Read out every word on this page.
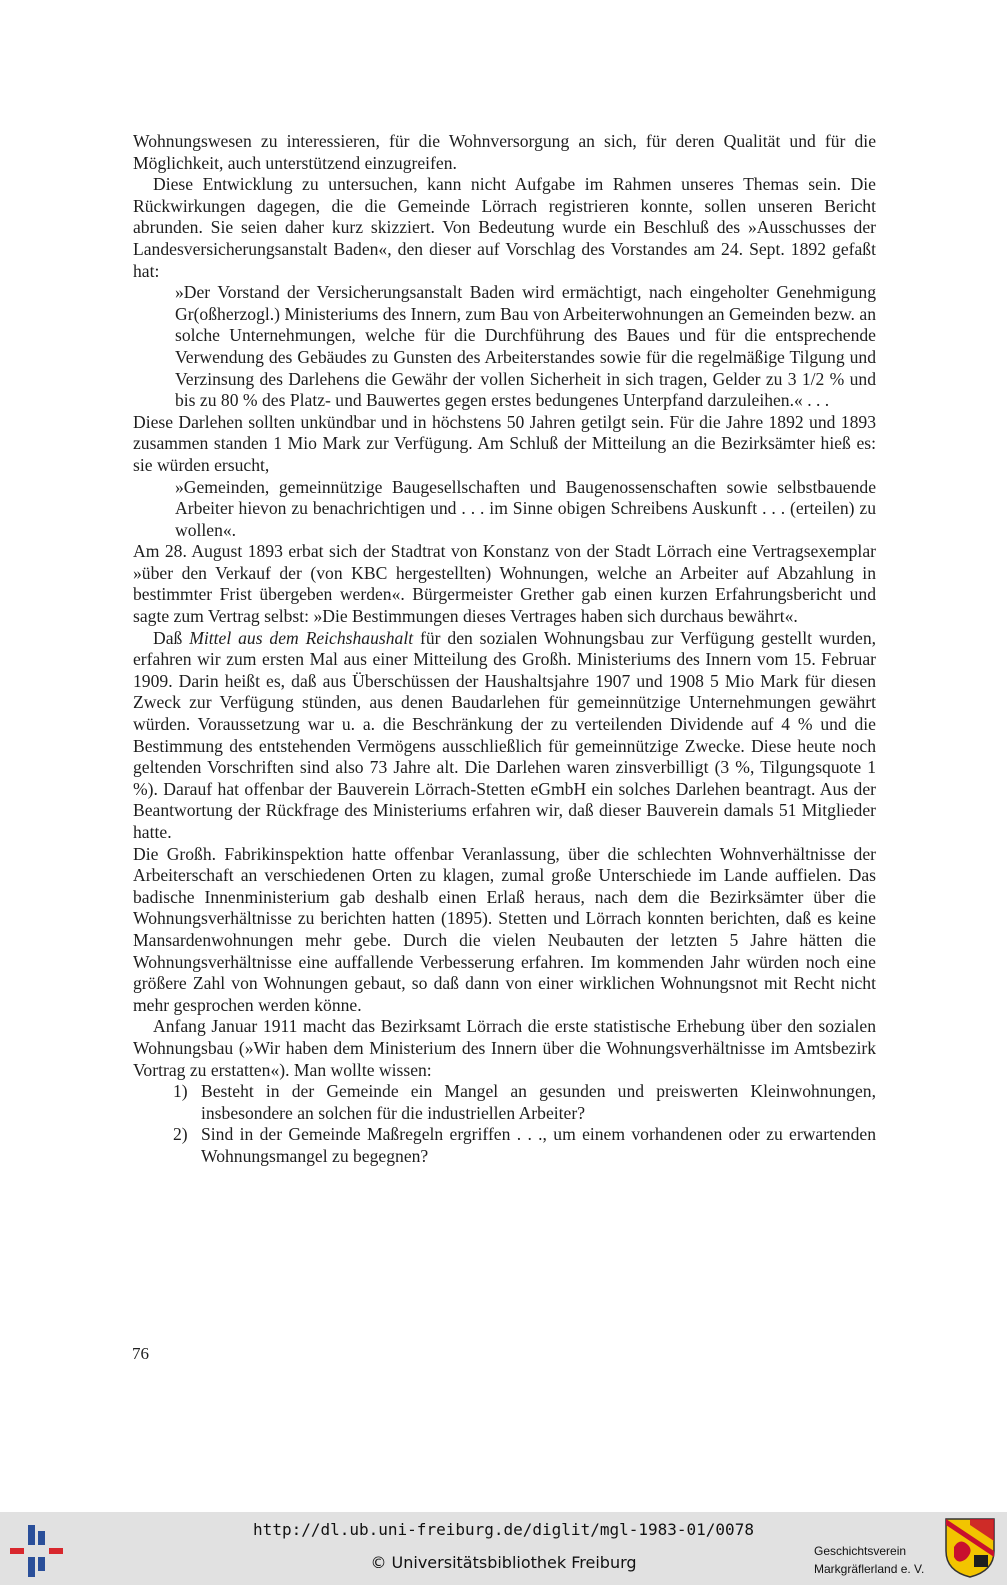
Wohnungswesen zu interessieren, für die Wohnversorgung an sich, für deren Qualität und für die Möglichkeit, auch unterstützend einzugreifen.

Diese Entwicklung zu untersuchen, kann nicht Aufgabe im Rahmen unseres Themas sein. Die Rückwirkungen dagegen, die die Gemeinde Lörrach registrieren konnte, sollen unseren Bericht abrunden. Sie seien daher kurz skizziert. Von Bedeutung wurde ein Beschluß des »Ausschusses der Landesversicherungsanstalt Baden«, den dieser auf Vorschlag des Vorstandes am 24. Sept. 1892 gefaßt hat:

»Der Vorstand der Versicherungsanstalt Baden wird ermächtigt, nach eingeholter Genehmigung Gr(oßherzogl.) Ministeriums des Innern, zum Bau von Arbeiterwohnungen an Gemeinden bezw. an solche Unternehmungen, welche für die Durchführung des Baues und für die entsprechende Verwendung des Gebäudes zu Gunsten des Arbeiterstandes sowie für die regelmäßige Tilgung und Verzinsung des Darlehens die Gewähr der vollen Sicherheit in sich tragen, Gelder zu 3 1/2 % und bis zu 80 % des Platz- und Bauwertes gegen erstes bedungenes Unterpfand darzuleihen.« . . .

Diese Darlehen sollten unkündbar und in höchstens 50 Jahren getilgt sein. Für die Jahre 1892 und 1893 zusammen standen 1 Mio Mark zur Verfügung. Am Schluß der Mitteilung an die Bezirksämter hieß es: sie würden ersucht,

»Gemeinden, gemeinnützige Baugesellschaften und Baugenossenschaften sowie selbstbauende Arbeiter hievon zu benachrichtigen und . . . im Sinne obigen Schreibens Auskunft . . . (erteilen) zu wollen«.

Am 28. August 1893 erbat sich der Stadtrat von Konstanz von der Stadt Lörrach eine Vertragsexemplar »über den Verkauf der (von KBC hergestellten) Wohnungen, welche an Arbeiter auf Abzahlung in bestimmter Frist übergeben werden«. Bürgermeister Grether gab einen kurzen Erfahrungsbericht und sagte zum Vertrag selbst: »Die Bestimmungen dieses Vertrages haben sich durchaus bewährt«.

Daß Mittel aus dem Reichshaushalt für den sozialen Wohnungsbau zur Verfügung gestellt wurden, erfahren wir zum ersten Mal aus einer Mitteilung des Großh. Ministeriums des Innern vom 15. Februar 1909. Darin heißt es, daß aus Überschüssen der Haushaltsjahre 1907 und 1908 5 Mio Mark für diesen Zweck zur Verfügung stünden, aus denen Baudarlehen für gemeinnützige Unternehmungen gewährt würden. Voraussetzung war u. a. die Beschränkung der zu verteilenden Dividende auf 4 % und die Bestimmung des entstehenden Vermögens ausschließlich für gemeinnützige Zwecke. Diese heute noch geltenden Vorschriften sind also 73 Jahre alt. Die Darlehen waren zinsverbilligt (3 %, Tilgungsquote 1 %). Darauf hat offenbar der Bauverein Lörrach-Stetten eGmbH ein solches Darlehen beantragt. Aus der Beantwortung der Rückfrage des Ministeriums erfahren wir, daß dieser Bauverein damals 51 Mitglieder hatte.

Die Großh. Fabrikinspektion hatte offenbar Veranlassung, über die schlechten Wohnverhältnisse der Arbeiterschaft an verschiedenen Orten zu klagen, zumal große Unterschiede im Lande auffielen. Das badische Innenministerium gab deshalb einen Erlaß heraus, nach dem die Bezirksämter über die Wohnungsverhältnisse zu berichten hatten (1895). Stetten und Lörrach konnten berichten, daß es keine Mansardenwohnungen mehr gebe. Durch die vielen Neubauten der letzten 5 Jahre hätten die Wohnungsverhältnisse eine auffallende Verbesserung erfahren. Im kommenden Jahr würden noch eine größere Zahl von Wohnungen gebaut, so daß dann von einer wirklichen Wohnungsnot mit Recht nicht mehr gesprochen werden könne.

Anfang Januar 1911 macht das Bezirksamt Lörrach die erste statistische Erhebung über den sozialen Wohnungsbau (»Wir haben dem Ministerium des Innern über die Wohnungsverhältnisse im Amtsbezirk Vortrag zu erstatten«). Man wollte wissen:

1) Besteht in der Gemeinde ein Mangel an gesunden und preiswerten Kleinwohnungen, insbesondere an solchen für die industriellen Arbeiter?
2) Sind in der Gemeinde Maßregeln ergriffen . . ., um einem vorhandenen oder zu erwartenden Wohnungsmangel zu begegnen?
76
http://dl.ub.uni-freiburg.de/diglit/mgl-1983-01/0078
© Universitätsbibliothek Freiburg
Geschichtsverein
Markgräflerland e. V.
